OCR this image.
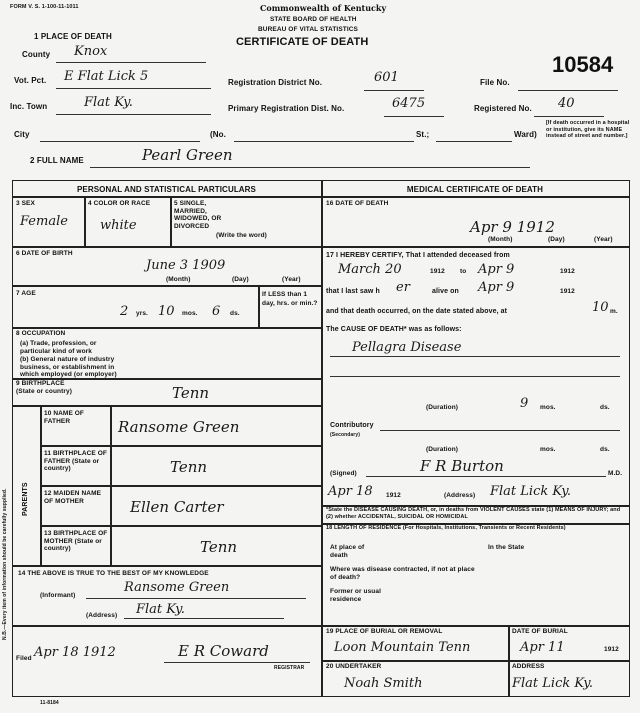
FORM V. S. 1-100-11-1011	Commonwealth of Kentucky
STATE BOARD OF HEALTH
BUREAU OF VITAL STATISTICS
CERTIFICATE OF DEATH
10584
1 PLACE OF DEATH
County Knox
Vot. Pct. E Flat Lick 5
Inc. Town	Flat Ky.
City
Registration District No.	601	File No.
Primary Registration Dist. No.	6475	Registered No. 40
(No.	St.;	Ward)
[If death occurred in a hospital or institution, give its NAME instead of street and number.]
2 FULL NAME	Pearl Green
PERSONAL AND STATISTICAL PARTICULARS	MEDICAL CERTIFICATE OF DEATH
3 SEX
Female
4 COLOR OR RACE
white
5 SINGLE, MARRIED, WIDOWED, OR DIVORCED
(Write the word)
6 DATE OF BIRTH
June 3 1909
(Month)	(Day)	(Year)
7 AGE
2 yrs. 10 mos. 6 ds.
If LESS than 1 day, hrs. or min.?
8 OCCUPATION
(a) Trade, profession, or particular kind of work
(b) General nature of industry business, or establishment in which employed (or employer)
9 BIRTHPLACE (State or country)	Tenn
PARENTS
10 NAME OF FATHER	Ransome Green
11 BIRTHPLACE OF FATHER (State or country)	Tenn
12 MAIDEN NAME OF MOTHER	Ellen Carter
13 BIRTHPLACE OF MOTHER (State or country)	Tenn
14 THE ABOVE IS TRUE TO THE BEST OF MY KNOWLEDGE
(Informant)
Ransome Green
(Address) Flat Ky.
Filed Apr 18 1912	E R Coward
REGISTRAR
11-8184
N.B.—Every item of information should be carefully supplied.
16 DATE OF DEATH
Apr 9 1912
(Month)	(Day)	(Year)
17 I HEREBY CERTIFY, That I attended deceased from
March 20	1912 to Apr 9	1912
that I last saw h er	alive on Apr 9	1912
and that death occurred, on the date stated above, at	10 m.
The CAUSE OF DEATH* was as follows:
Pellagra Disease
(Duration)	9 mos.	ds.
Contributory
(Secondary)
(Duration)	mos.	ds.
(Signed)	F R Burton	M.D.
Apr 18 1912	(Address) Flat Lick Ky.
*State the DISEASE CAUSING DEATH, or, in deaths from VIOLENT CAUSES state (1) MEANS OF INJURY; and (2) whether ACCIDENTAL, SUICIDAL OR HOMICIDAL
18 LENGTH OF RESIDENCE (For Hospitals, Institutions, Transients or Recent Residents)
At place of death
In the State
Where was disease contracted, if not at place of death?
Former or usual residence
19 PLACE OF BURIAL OR REMOVAL
Loon Mountain Tenn
DATE OF BURIAL
Apr 11	1912
20 UNDERTAKER
Noah Smith
ADDRESS
Flat Lick Ky.
